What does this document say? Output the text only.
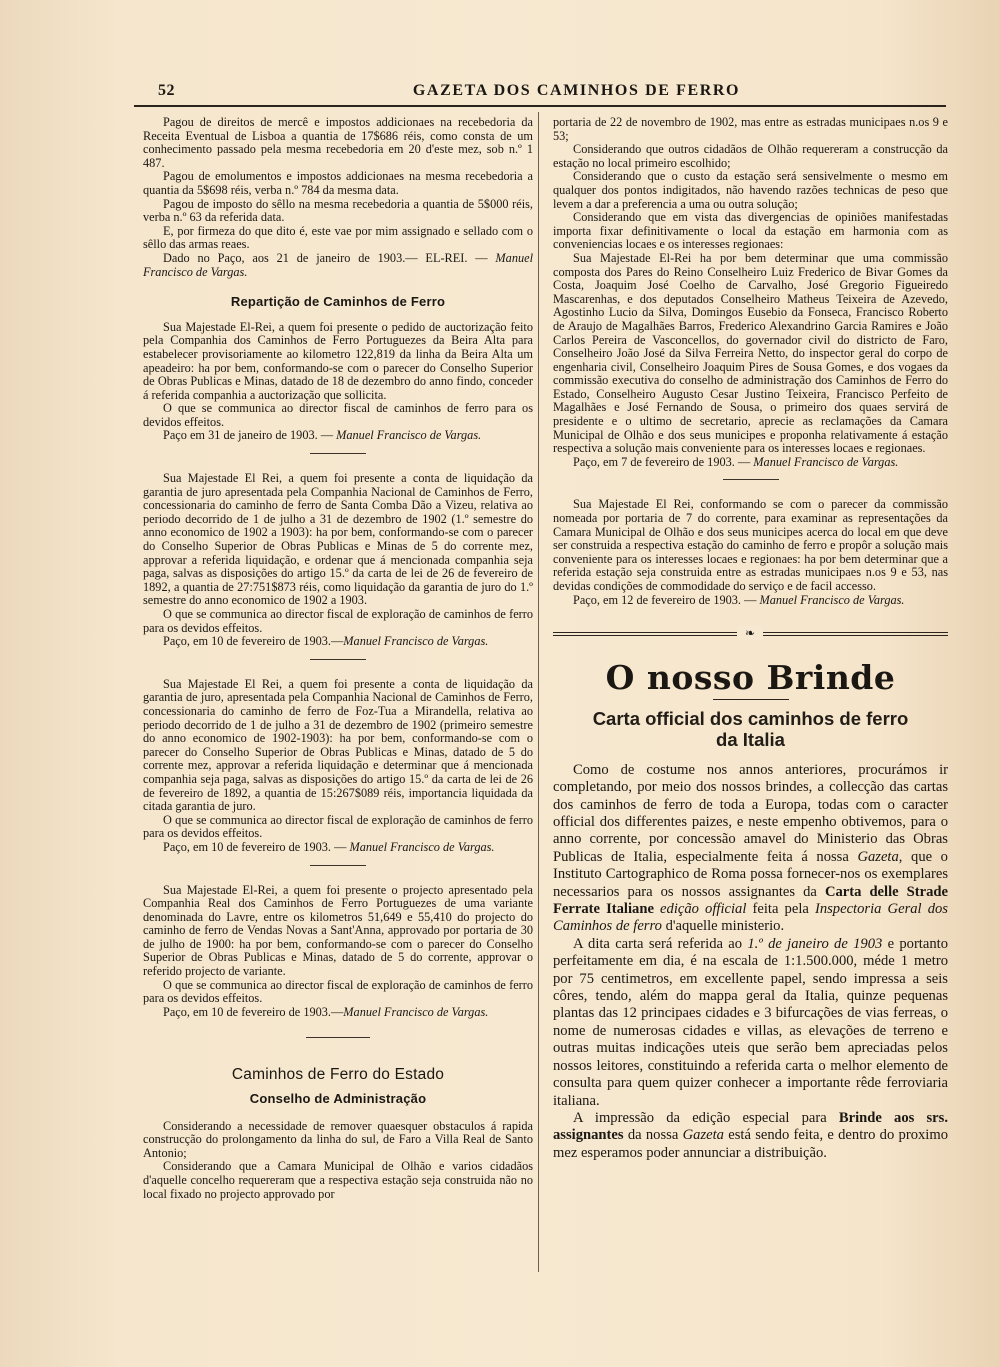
52	GAZETA DOS CAMINHOS DE FERRO

Pagou de direitos de mercê e impostos addicionaes na recebedoria da Receita Eventual de Lisboa a quantia de 17$686 réis, como consta de um conhecimento passado pela mesma recebedoria em 20 d'este mez, sob n.º 1 487.

Pagou de emolumentos e impostos addicionaes na mesma recebedoria a quantia da 5$698 réis, verba n.º 784 da mesma data.

Pagou de imposto do sêllo na mesma recebedoria a quantia de 5$000 réis, verba n.º 63 da referida data.

E, por firmeza do que dito é, este vae por mim assignado e sellado com o sêllo das armas reaes.

Dado no Paço, aos 21 de janeiro de 1903.— EL-REI. — Manuel Francisco de Vargas.

Repartição de Caminhos de Ferro

Sua Majestade El-Rei, a quem foi presente o pedido de auctorização feito pela Companhia dos Caminhos de Ferro Portuguezes da Beira Alta para estabelecer provisoriamente ao kilometro 122,819 da linha da Beira Alta um apeadeiro: ha por bem, conformando-se com o parecer do Conselho Superior de Obras Publicas e Minas, datado de 18 de dezembro do anno findo, conceder á referida companhia a auctorização que sollicita.

O que se communica ao director fiscal de caminhos de ferro para os devidos effeitos.

Paço em 31 de janeiro de 1903. — Manuel Francisco de Vargas.

Sua Majestade El Rei, a quem foi presente a conta de liquidação da garantia de juro apresentada pela Companhia Nacional de Caminhos de Ferro, concessionaria do caminho de ferro de Santa Comba Dão a Vizeu, relativa ao periodo decorrido de 1 de julho a 31 de dezembro de 1902 (1.º semestre do anno economico de 1902 a 1903): ha por bem, conformando-se com o parecer do Conselho Superior de Obras Publicas e Minas de 5 do corrente mez, approvar a referida liquidação, e ordenar que á mencionada companhia seja paga, salvas as disposições do artigo 15.º da carta de lei de 26 de fevereiro de 1892, a quantia de 27:751$873 réis, como liquidação da garantia de juro do 1.º semestre do anno economico de 1902 a 1903.

O que se communica ao director fiscal de exploração de caminhos de ferro para os devidos effeitos.

Paço, em 10 de fevereiro de 1903.—Manuel Francisco de Vargas.

Sua Majestade El Rei, a quem foi presente a conta de liquidação da garantia de juro, apresentada pela Companhia Nacional de Caminhos de Ferro, concessionaria do caminho de ferro de Foz-Tua a Mirandella, relativa ao periodo decorrido de 1 de julho a 31 de dezembro de 1902 (primeiro semestre do anno economico de 1902-1903): ha por bem, conformando-se com o parecer do Conselho Superior de Obras Publicas e Minas, datado de 5 do corrente mez, approvar a referida liquidação e determinar que á mencionada companhia seja paga, salvas as disposições do artigo 15.º da carta de lei de 26 de fevereiro de 1892, a quantia de 15:267$089 réis, importancia liquidada da citada garantia de juro.

O que se communica ao director fiscal de exploração de caminhos de ferro para os devidos effeitos.

Paço, em 10 de fevereiro de 1903. — Manuel Francisco de Vargas.

Sua Majestade El-Rei, a quem foi presente o projecto apresentado pela Companhia Real dos Caminhos de Ferro Portuguezes de uma variante denominada do Lavre, entre os kilometros 51,649 e 55,410 do projecto do caminho de ferro de Vendas Novas a Sant'Anna, approvado por portaria de 30 de julho de 1900: ha por bem, conformando-se com o parecer do Conselho Superior de Obras Publicas e Minas, datado de 5 do corrente, approvar o referido projecto de variante.

O que se communica ao director fiscal de exploração de caminhos de ferro para os devidos effeitos.

Paço, em 10 de fevereiro de 1903.—Manuel Francisco de Vargas.

Caminhos de Ferro do Estado
Conselho de Administração

Considerando a necessidade de remover quaesquer obstaculos á rapida construcção do prolongamento da linha do sul, de Faro a Villa Real de Santo Antonio;

Considerando que a Camara Municipal de Olhão e varios cidadãos d'aquelle concelho requereram que a respectiva estação seja construida não no local fixado no projecto approvado por

portaria de 22 de novembro de 1902, mas entre as estradas municipaes n.os 9 e 53;

Considerando que outros cidadãos de Olhão requereram a construcção da estação no local primeiro escolhido;

Considerando que o custo da estação será sensivelmente o mesmo em qualquer dos pontos indigitados, não havendo razões technicas de peso que levem a dar a preferencia a uma ou outra solução;

Considerando que em vista das divergencias de opiniões manifestadas importa fixar definitivamente o local da estação em harmonia com as conveniencias locaes e os interesses regionaes:

Sua Majestade El-Rei ha por bem determinar que uma commissão composta dos Pares do Reino Conselheiro Luiz Frederico de Bivar Gomes da Costa, Joaquim José Coelho de Carvalho, José Gregorio Figueiredo Mascarenhas, e dos deputados Conselheiro Matheus Teixeira de Azevedo, Agostinho Lucio da Silva, Domingos Eusebio da Fonseca, Francisco Roberto de Araujo de Magalhães Barros, Frederico Alexandrino Garcia Ramires e João Carlos Pereira de Vasconcellos, do governador civil do districto de Faro, Conselheiro João José da Silva Ferreira Netto, do inspector geral do corpo de engenharia civil, Conselheiro Joaquim Pires de Sousa Gomes, e dos vogaes da commissão executiva do conselho de administração dos Caminhos de Ferro do Estado, Conselheiro Augusto Cesar Justino Teixeira, Francisco Perfeito de Magalhães e José Fernando de Sousa, o primeiro dos quaes servirá de presidente e o ultimo de secretario, aprecie as reclamações da Camara Municipal de Olhão e dos seus municipes e proponha relativamente á estação respectiva a solução mais conveniente para os interesses locaes e regionaes.

Paço, em 7 de fevereiro de 1903. — Manuel Francisco de Vargas.

Sua Majestade El Rei, conformando se com o parecer da commissão nomeada por portaria de 7 do corrente, para examinar as representações da Camara Municipal de Olhão e dos seus municipes acerca do local em que deve ser construida a respectiva estação do caminho de ferro e propôr a solução mais conveniente para os interesses locaes e regionaes: ha por bem determinar que a referida estação seja construida entre as estradas municipaes n.os 9 e 53, nas devidas condições de commodidade do serviço e de facil accesso.

Paço, em 12 de fevereiro de 1903. — Manuel Francisco de Vargas.

❧
O nosso Brinde
Carta official dos caminhos de ferro
da Italia

Como de costume nos annos anteriores, procurámos ir completando, por meio dos nossos brindes, a collecção das cartas dos caminhos de ferro de toda a Europa, todas com o caracter official dos differentes paizes, e neste empenho obtivemos, para o anno corrente, por concessão amavel do Ministerio das Obras Publicas de Italia, especialmente feita á nossa Gazeta, que o Instituto Cartographico de Roma possa fornecer-nos os exemplares necessarios para os nossos assignantes da Carta delle Strade Ferrate Italiane edição official feita pela Inspectoria Geral dos Caminhos de ferro d'aquelle ministerio.

A dita carta será referida ao 1.º de janeiro de 1903 e portanto perfeitamente em dia, é na escala de 1:1.500.000, méde 1 metro por 75 centimetros, em excellente papel, sendo impressa a seis côres, tendo, além do mappa geral da Italia, quinze pequenas plantas das 12 principaes cidades e 3 bifurcações de vias ferreas, o nome de numerosas cidades e villas, as elevações de terreno e outras muitas indicações uteis que serão bem apreciadas pelos nossos leitores, constituindo a referida carta o melhor elemento de consulta para quem quizer conhecer a importante rêde ferroviaria italiana.

A impressão da edição especial para Brinde aos srs. assignantes da nossa Gazeta está sendo feita, e dentro do proximo mez esperamos poder annunciar a distribuição.
